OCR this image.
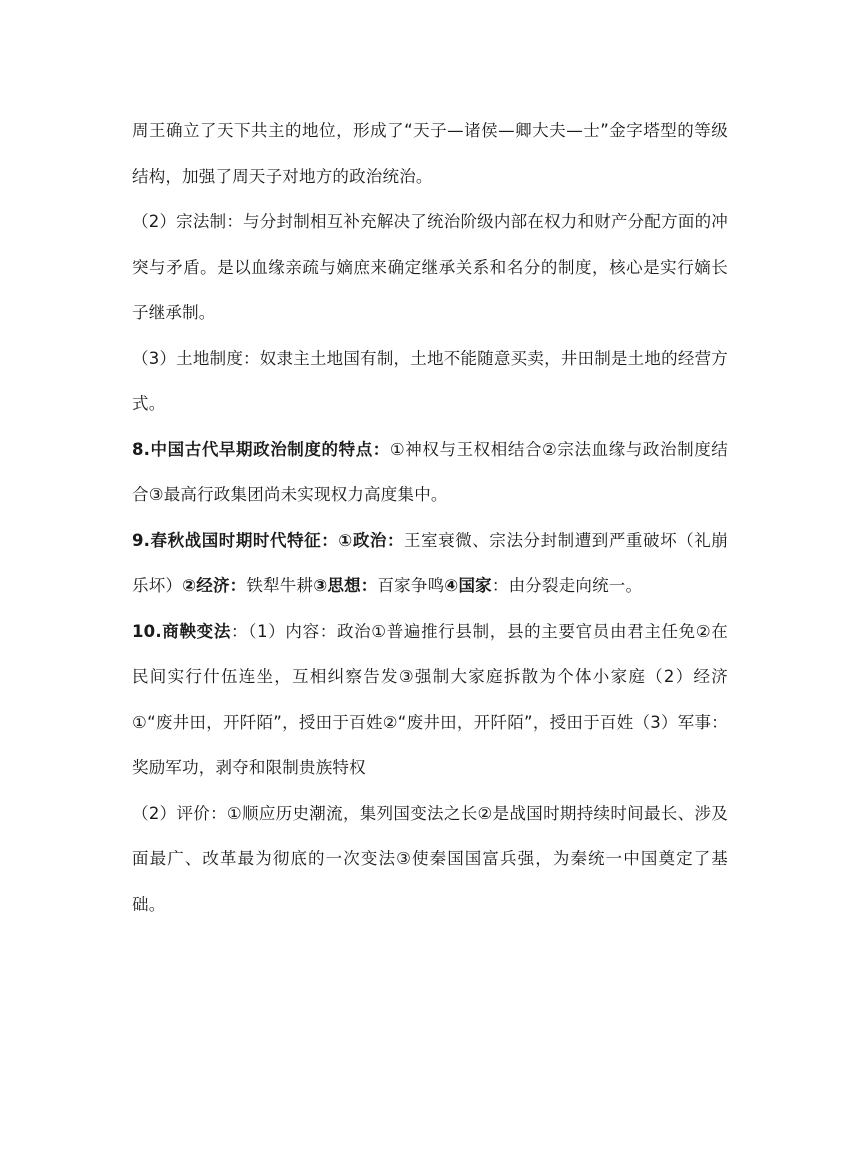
周王确立了天下共主的地位，形成了“天子—诸侯—卿大夫—士”金字塔型的等级结构，加强了周天子对地方的政治统治。

（2）宗法制：与分封制相互补充解决了统治阶级内部在权力和财产分配方面的冲突与矛盾。是以血缘亲疏与嫡庶来确定继承关系和名分的制度，核心是实行嫡长子继承制。

（3）土地制度：奴隶主土地国有制，土地不能随意买卖，井田制是土地的经营方式。

8.中国古代早期政治制度的特点：①神权与王权相结合②宗法血缘与政治制度结合③最高行政集团尚未实现权力高度集中。

9.春秋战国时期时代特征：①政治：王室衰微、宗法分封制遭到严重破坏（礼崩乐坏）②经济：铁犁牛耕③思想：百家争鸣④国家：由分裂走向统一。

10.商鞅变法：（1）内容：政治①普遍推行县制，县的主要官员由君主任免②在民间实行什伍连坐，互相纠察告发③强制大家庭拆散为个体小家庭（2）经济①“废井田，开阡陌”，授田于百姓②“废井田，开阡陌”，授田于百姓（3）军事：奖励军功，剥夺和限制贵族特权

（2）评价：①顺应历史潮流，集列国变法之长②是战国时期持续时间最长、涉及面最广、改革最为彻底的一次变法③使秦国国富兵强，为秦统一中国奠定了基础。
